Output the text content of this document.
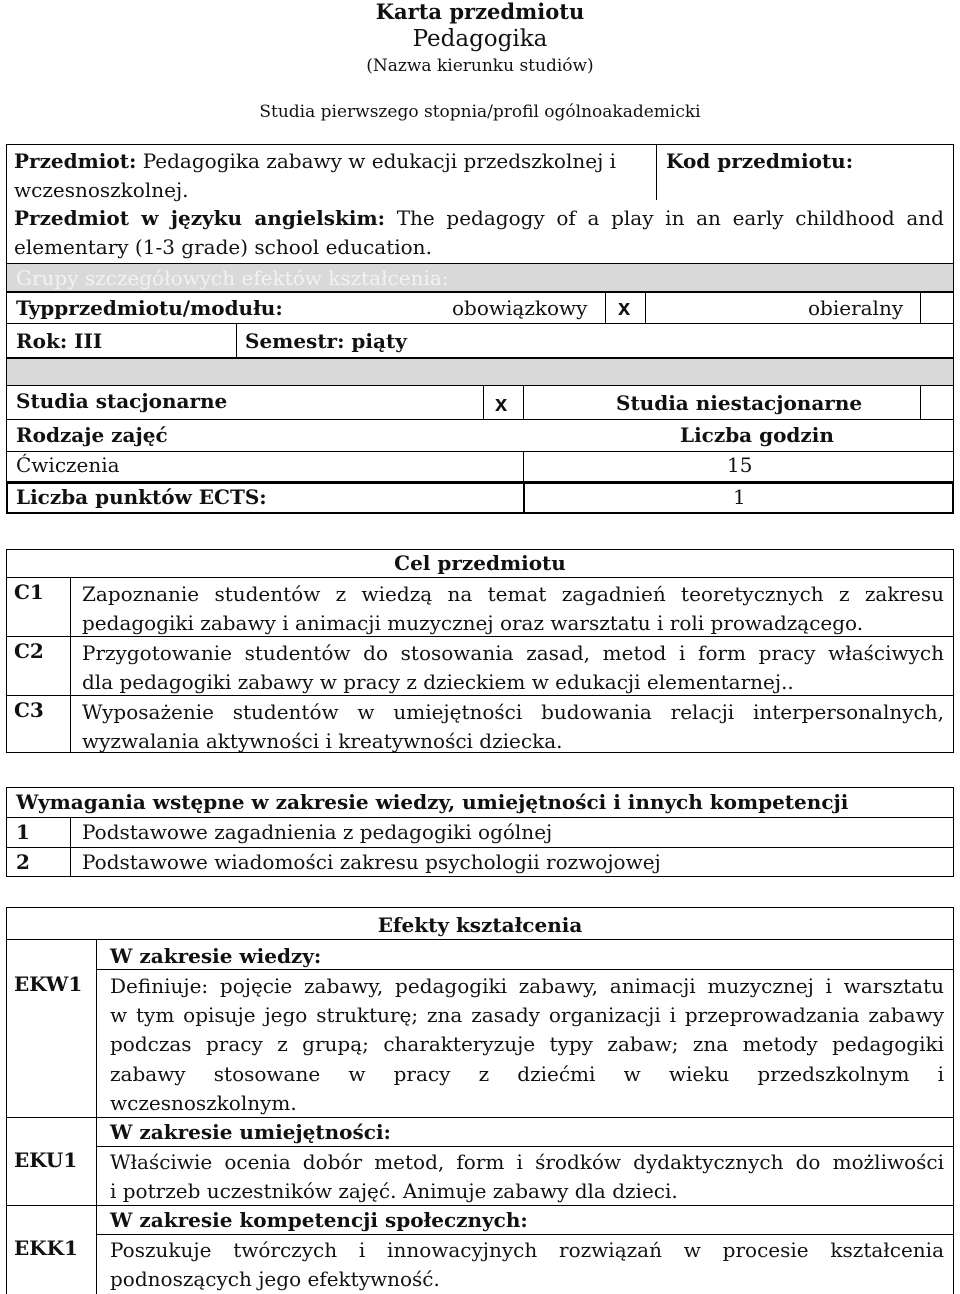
Karta przedmiotu
Pedagogika
(Nazwa kierunku studiów)
Studia pierwszego stopnia/profil ogólnoakademicki
Przedmiot: Pedagogika zabawy w edukacji przedszkolnej i
wczesnoszkolnej.
Kod przedmiotu:
Przedmiot w języku angielskim: The pedagogy of a play in an early childhood and
elementary (1-3 grade) school education.
Grupy szczegółowych efektów kształcenia:
Typprzedmiotu/modułu:	obowiązkowy x	obieralny
Rok: III	Semestr: piąty
Studia stacjonarne	x	Studia niestacjonarne
Rodzaje zajęć	Liczba godzin
Ćwiczenia	15
Liczba punktów ECTS:	1
Cel przedmiotu
C1 Zapoznanie studentów z wiedzą na temat zagadnień teoretycznych z zakresu
pedagogiki zabawy i animacji muzycznej oraz warsztatu i roli prowadzącego.
C2 Przygotowanie studentów do stosowania zasad, metod i form pracy właściwych
dla pedagogiki zabawy w pracy z dzieckiem w edukacji elementarnej..
C3 Wyposażenie studentów w umiejętności budowania relacji interpersonalnych,
wyzwalania aktywności i kreatywności dziecka.
Wymagania wstępne w zakresie wiedzy, umiejętności i innych kompetencji
1	Podstawowe zagadnienia z pedagogiki ogólnej
2	Podstawowe wiadomości zakresu psychologii rozwojowej
Efekty kształcenia
W zakresie wiedzy:
EKW1 Definiuje: pojęcie zabawy, pedagogiki zabawy, animacji muzycznej i warsztatu
w tym opisuje jego strukturę; zna zasady organizacji i przeprowadzania zabawy
podczas pracy z grupą; charakteryzuje typy zabaw; zna metody pedagogiki
zabawy stosowane w pracy z dziećmi w wieku przedszkolnym i
wczesnoszkolnym.
W zakresie umiejętności:
EKU1 Właściwie ocenia dobór metod, form i środków dydaktycznych do możliwości
i potrzeb uczestników zajęć. Animuje zabawy dla dzieci.
W zakresie kompetencji społecznych:
EKK1 Poszukuje twórczych i innowacyjnych rozwiązań w procesie kształcenia
podnoszących jego efektywność.
